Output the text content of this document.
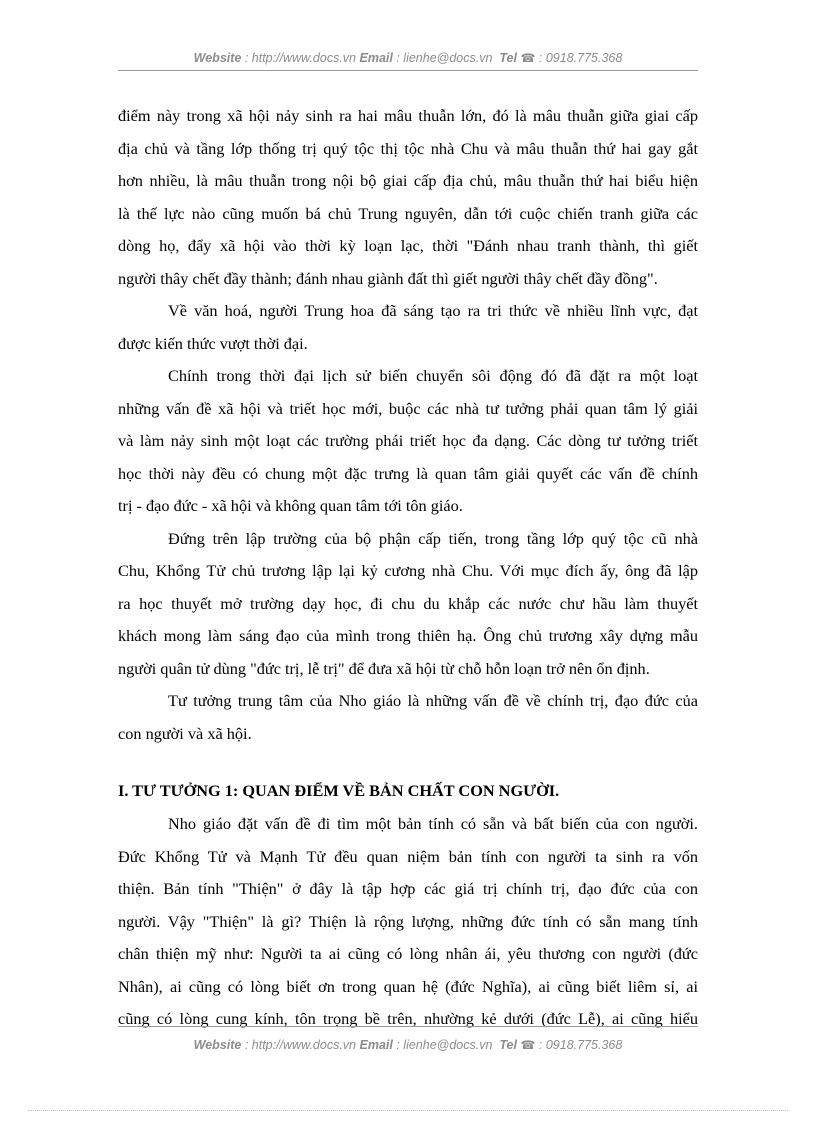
Website : http://www.docs.vn Email : lienhe@docs.vn Tel ☎ : 0918.775.368
điểm này trong xã hội nảy sinh ra hai mâu thuẫn lớn, đó là mâu thuẫn giữa giai cấp
địa chủ và tầng lớp thống trị quý tộc thị tộc nhà Chu và mâu thuẫn thứ hai gay gắt
hơn nhiều, là mâu thuẫn trong nội bộ giai cấp địa chủ, mâu thuẫn thứ hai biểu hiện
là thế lực nào cũng muốn bá chủ Trung nguyên, dẫn tới cuộc chiến tranh giữa các
dòng họ, đẩy xã hội vào thời kỳ loạn lạc, thời "Đánh nhau tranh thành, thì giết
người thây chết đầy thành; đánh nhau giành đất thì giết người thây chết đầy đồng".
Về văn hoá, người Trung hoa đã sáng tạo ra tri thức về nhiều lĩnh vực, đạt
được kiến thức vượt thời đại.
Chính trong thời đại lịch sử biến chuyển sôi động đó đã đặt ra một loạt
những vấn đề xã hội và triết học mới, buộc các nhà tư tưởng phải quan tâm lý giải
và làm nảy sinh một loạt các trường phái triết học đa dạng. Các dòng tư tưởng triết
học thời này đều có chung một đặc trưng là quan tâm giải quyết các vấn đề chính
trị - đạo đức - xã hội và không quan tâm tới tôn giáo.
Đứng trên lập trường của bộ phận cấp tiến, trong tầng lớp quý tộc cũ nhà
Chu, Khổng Tử chủ trương lập lại kỷ cương nhà Chu. Với mục đích ấy, ông đã lập
ra học thuyết mở trường dạy học, đi chu du khắp các nước chư hầu làm thuyết
khách mong làm sáng đạo của mình trong thiên hạ. Ông chủ trương xây dựng mẫu
người quân tử dùng "đức trị, lễ trị" để đưa xã hội từ chỗ hỗn loạn trở nên ổn định.
Tư tưởng trung tâm của Nho giáo là những vấn đề về chính trị, đạo đức của
con người và xã hội.
I. TƯ TƯỞNG 1: QUAN ĐIỂM VỀ BẢN CHẤT CON NGƯỜI.
Nho giáo đặt vấn đề đi tìm một bản tính có sẵn và bất biến của con người.
Đức Khổng Tử và Mạnh Tử đều quan niệm bản tính con người ta sinh ra vốn
thiện. Bản tính "Thiện" ở đây là tập hợp các giá trị chính trị, đạo đức của con
người. Vậy "Thiện" là gì? Thiện là rộng lượng, những đức tính có sẵn mang tính
chân thiện mỹ như: Người ta ai cũng có lòng nhân ái, yêu thương con người (đức
Nhân), ai cũng có lòng biết ơn trong quan hệ (đức Nghĩa), ai cũng biết liêm sỉ, ai
cũng có lòng cung kính, tôn trọng bề trên, nhường kẻ dưới (đức Lễ), ai cũng hiểu
Website : http://www.docs.vn Email : lienhe@docs.vn Tel ☎ : 0918.775.368
